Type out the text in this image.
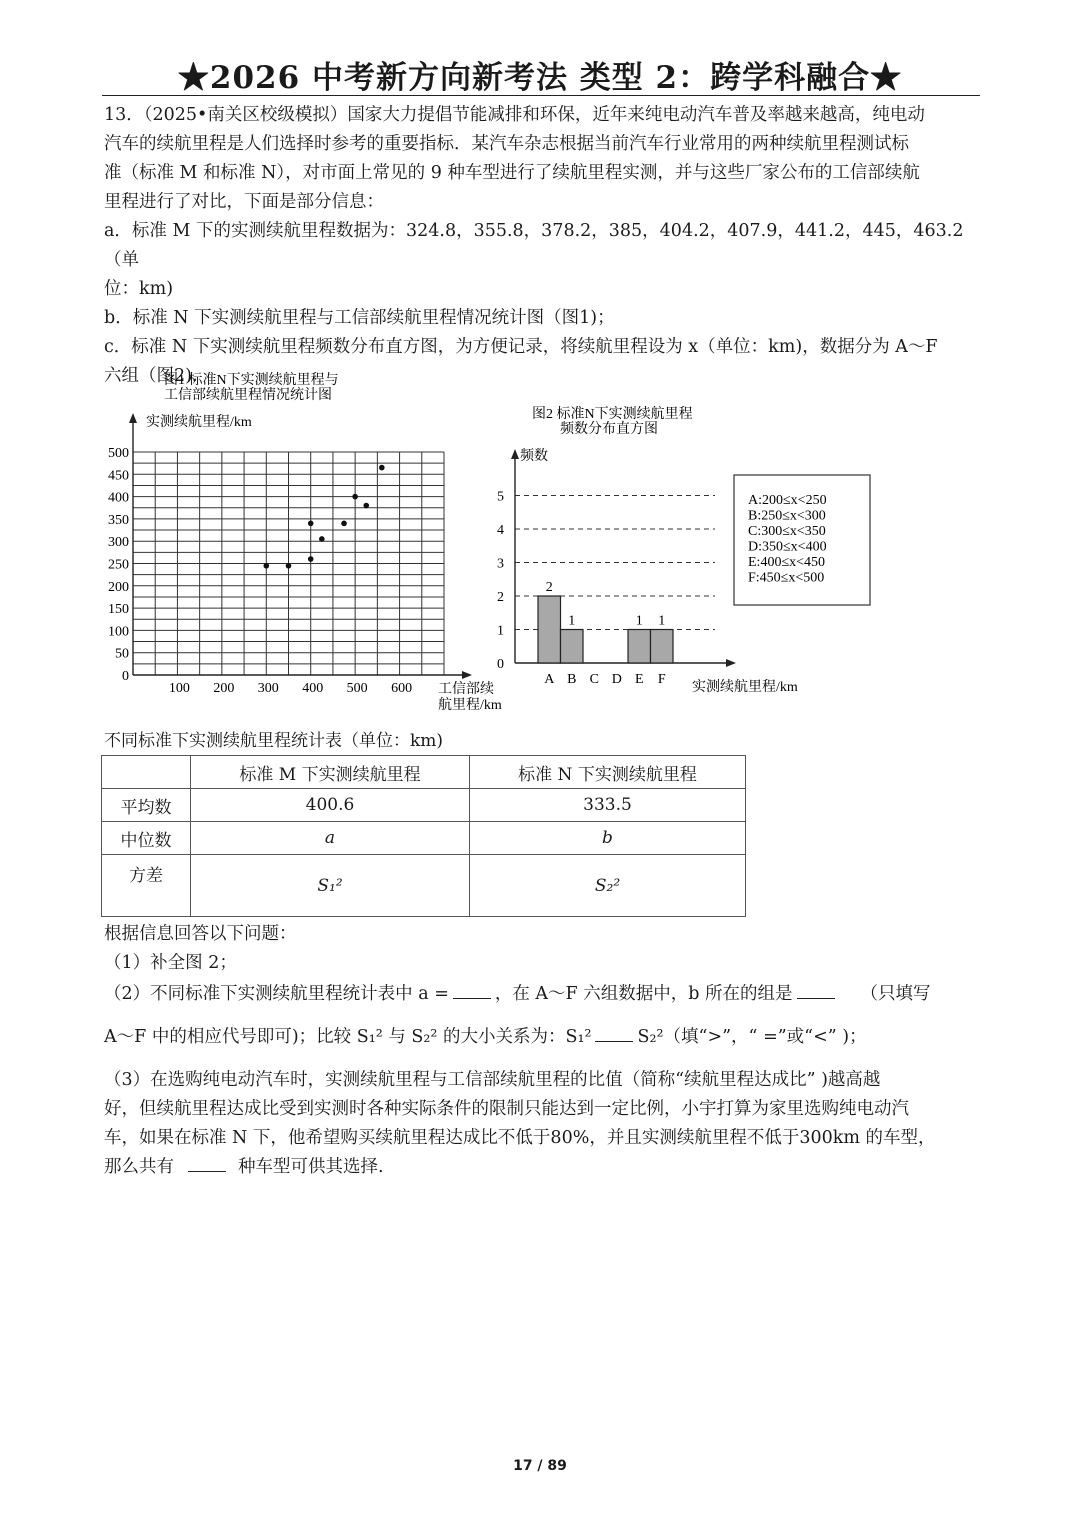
★2026 中考新方向新考法 类型 2：跨学科融合★
13．（2025•南关区校级模拟）国家大力提倡节能减排和环保，近年来纯电动汽车普及率越来越高，纯电动
汽车的续航里程是人们选择时参考的重要指标．某汽车杂志根据当前汽车行业常用的两种续航里程测试标
准（标准 M 和标准 N），对市面上常见的 9 种车型进行了续航里程实测，并与这些厂家公布的工信部续航
里程进行了对比，下面是部分信息：
a．标准 M 下的实测续航里程数据为：324.8，355.8，378.2，385，404.2，407.9，441.2，445，463.2（单
位：km)
b．标准 N 下实测续航里程与工信部续航里程情况统计图（图1)；
c．标准 N 下实测续航里程频数分布直方图，为方便记录，将续航里程设为 x（单位：km)，数据分为 A～F
六组（图2)．
图1 标准N下实测续航里程与
工信部续航里程情况统计图
实测续航里程/km
工信部续
航里程/km
0
50
100
150
200
250
300
350
400
450
500
100 200 300 400 500 600
图2 标准N下实测续航里程
频数分布直方图
频数
实测续航里程/km
0
1
2
3
4
5
2
1	1 1
A B C D E F
A:200≤x<250
B:250≤x<300
C:300≤x<350
D:350≤x<400
E:400≤x<450
F:450≤x<500
不同标准下实测续航里程统计表（单位：km)
	标准 M 下实测续航里程	标准 N 下实测续航里程
平均数	400.6	333.5
中位数	a	b
方差	S₁²	S₂²
根据信息回答以下问题：
（1）补全图 2；
（2）不同标准下实测续航里程统计表中 a =	，在 A～F 六组数据中，b 所在的组是	（只填写
A～F 中的相应代号即可)；比较 S₁² 与 S₂² 的大小关系为：S₁²	S₂²（填“>”，“ =”或“<” )；
（3）在选购纯电动汽车时，实测续航里程与工信部续航里程的比值（简称“续航里程达成比” )越高越
好，但续航里程达成比受到实测时各种实际条件的限制只能达到一定比例，小宇打算为家里选购纯电动汽
车，如果在标准 N 下，他希望购买续航里程达成比不低于80%，并且实测续航里程不低于300km 的车型，
那么共有	种车型可供其选择.
17 / 89
